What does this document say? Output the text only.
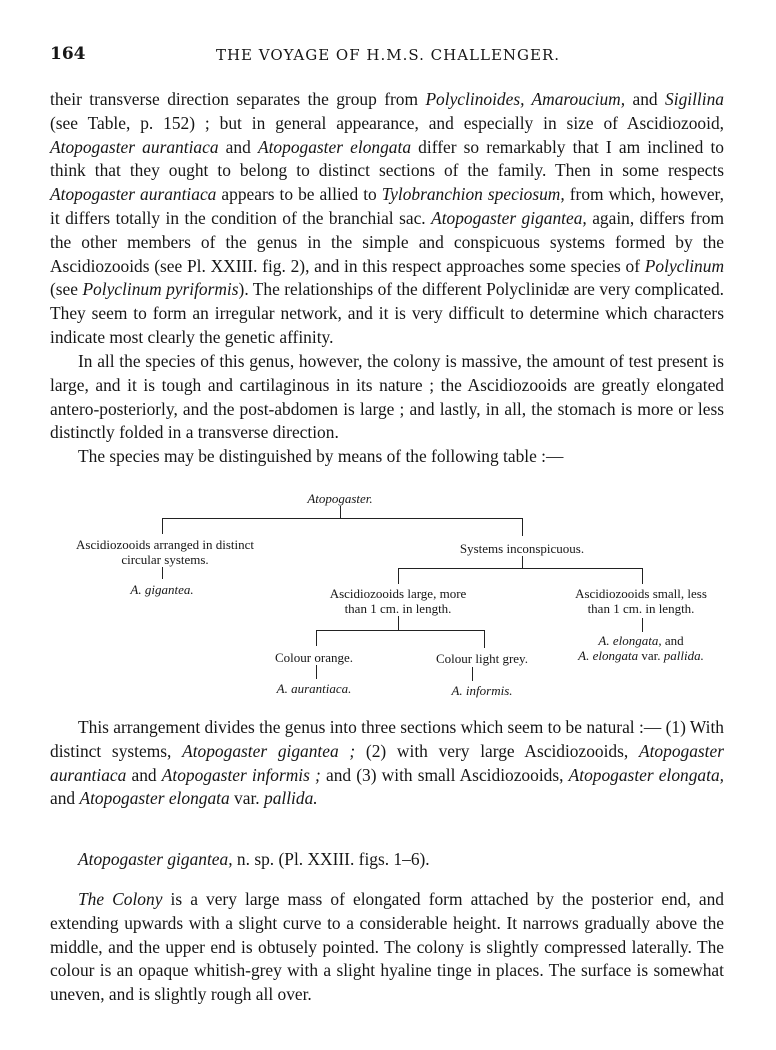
164	THE VOYAGE OF H.M.S. CHALLENGER.

their transverse direction separates the group from Polyclinoides, Amaroucium, and Sigillina (see Table, p. 152) ; but in general appearance, and especially in size of Ascidiozooid, Atopogaster aurantiaca and Atopogaster elongata differ so remarkably that I am inclined to think that they ought to belong to distinct sections of the family. Then in some respects Atopogaster aurantiaca appears to be allied to Tylobranchion speciosum, from which, however, it differs totally in the condition of the branchial sac. Atopogaster gigantea, again, differs from the other members of the genus in the simple and conspicuous systems formed by the Ascidiozooids (see Pl. XXIII. fig. 2), and in this respect approaches some species of Polyclinum (see Polyclinum pyriformis). The relationships of the different Polyclinidæ are very complicated. They seem to form an irregular network, and it is very difficult to determine which characters indicate most clearly the genetic affinity.

In all the species of this genus, however, the colony is massive, the amount of test present is large, and it is tough and cartilaginous in its nature ; the Ascidiozooids are greatly elongated antero-posteriorly, and the post-abdomen is large ; and lastly, in all, the stomach is more or less distinctly folded in a transverse direction.

The species may be distinguished by means of the following table :—

Atopogaster.
Ascidiozooids arranged in distinct
circular systems.
A. gigantea.
Systems inconspicuous.
Ascidiozooids large, more
than 1 cm. in length.
Ascidiozooids small, less
than 1 cm. in length.
A. elongata, and
A. elongata var. pallida.
Colour orange.	Colour light grey.
A. aurantiaca.	A. informis.

This arrangement divides the genus into three sections which seem to be natural :— (1) With distinct systems, Atopogaster gigantea ; (2) with very large Ascidiozooids, Atopogaster aurantiaca and Atopogaster informis ; and (3) with small Ascidiozooids, Atopogaster elongata, and Atopogaster elongata var. pallida.

Atopogaster gigantea, n. sp. (Pl. XXIII. figs. 1–6).

The Colony is a very large mass of elongated form attached by the posterior end, and extending upwards with a slight curve to a considerable height. It narrows gradually above the middle, and the upper end is obtusely pointed. The colony is slightly compressed laterally. The colour is an opaque whitish-grey with a slight hyaline tinge in places. The surface is somewhat uneven, and is slightly rough all over.
